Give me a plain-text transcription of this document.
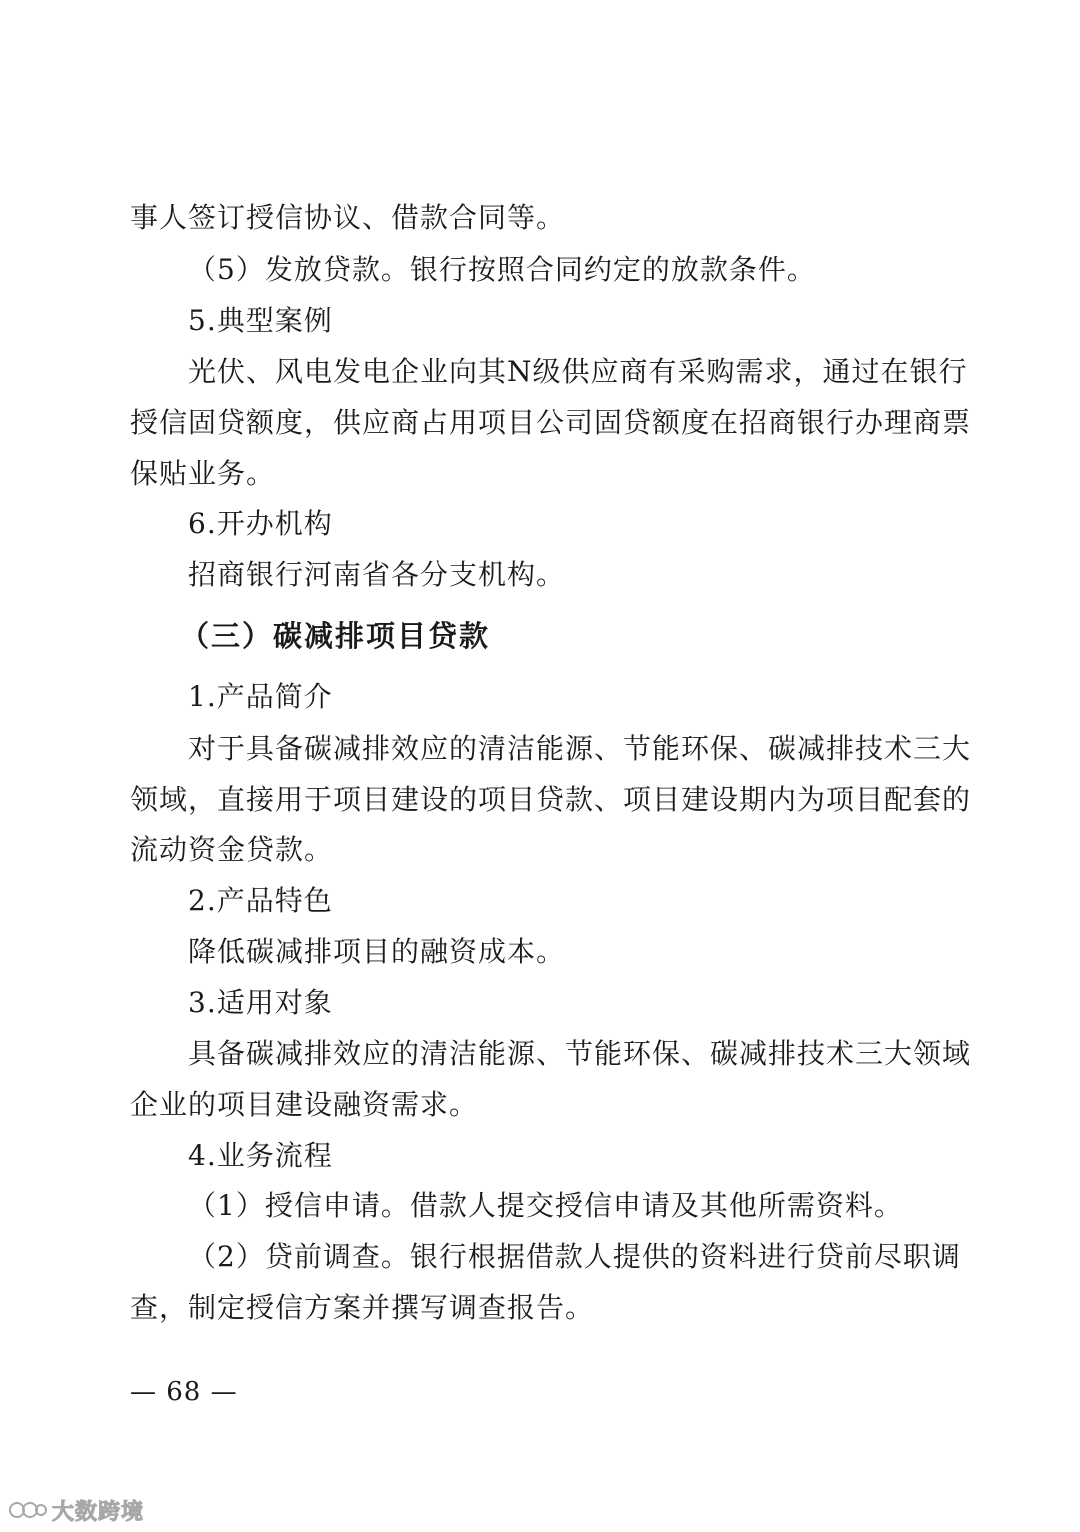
事人签订授信协议、借款合同等。
（5）发放贷款。银行按照合同约定的放款条件。
5.典型案例
光伏、风电发电企业向其N级供应商有采购需求，通过在银行
授信固贷额度，供应商占用项目公司固贷额度在招商银行办理商票
保贴业务。
6.开办机构
招商银行河南省各分支机构。
（三）碳减排项目贷款
1.产品简介
对于具备碳减排效应的清洁能源、节能环保、碳减排技术三大
领域，直接用于项目建设的项目贷款、项目建设期内为项目配套的
流动资金贷款。
2.产品特色
降低碳减排项目的融资成本。
3.适用对象
具备碳减排效应的清洁能源、节能环保、碳减排技术三大领域
企业的项目建设融资需求。
4.业务流程
（1）授信申请。借款人提交授信申请及其他所需资料。
（2）贷前调查。银行根据借款人提供的资料进行贷前尽职调
查，制定授信方案并撰写调查报告。
— 68 —
大数跨境
